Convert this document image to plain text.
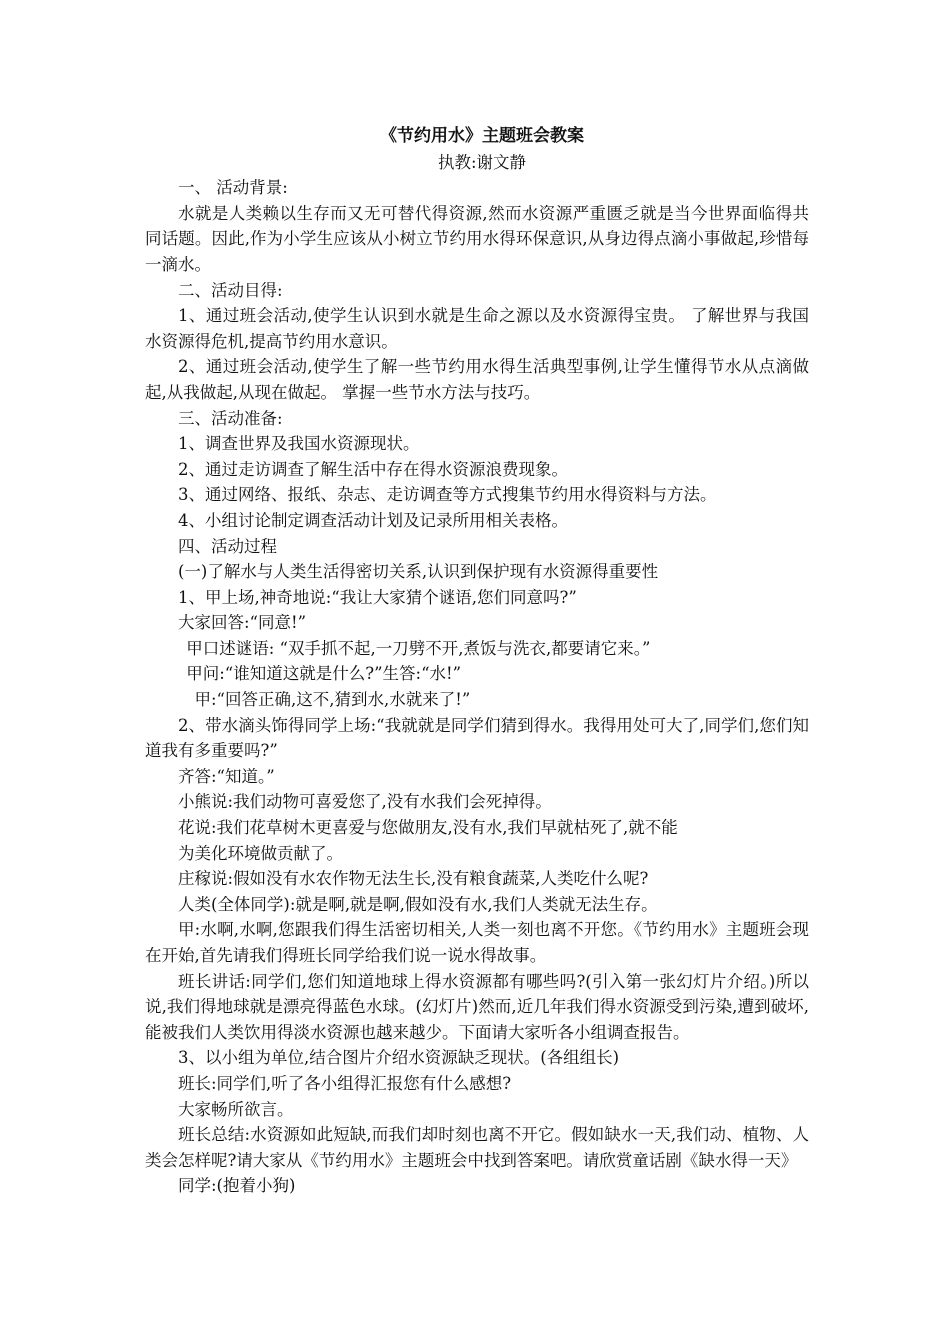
《节约用水》主题班会教案

执教:谢文静

一、 活动背景:

水就是人类赖以生存而又无可替代得资源,然而水资源严重匮乏就是当今世界面临得共同话题。因此,作为小学生应该从小树立节约用水得环保意识,从身边得点滴小事做起,珍惜每一滴水。

二、活动目得:

1、通过班会活动,使学生认识到水就是生命之源以及水资源得宝贵。 了解世界与我国水资源得危机,提高节约用水意识。

2、通过班会活动,使学生了解一些节约用水得生活典型事例,让学生懂得节水从点滴做起,从我做起,从现在做起。 掌握一些节水方法与技巧。

三、活动准备:

1、调查世界及我国水资源现状。

2、通过走访调查了解生活中存在得水资源浪费现象。

3、通过网络、报纸、杂志、走访调查等方式搜集节约用水得资料与方法。

4、小组讨论制定调查活动计划及记录所用相关表格。

四、活动过程

(一)了解水与人类生活得密切关系,认识到保护现有水资源得重要性

1、甲上场,神奇地说:“我让大家猜个谜语,您们同意吗?”

大家回答:“同意!”

甲口述谜语: “双手抓不起,一刀劈不开,煮饭与洗衣,都要请它来。”

甲问:“谁知道这就是什么?”生答:“水!”

甲:“回答正确,这不,猜到水,水就来了!”

2、带水滴头饰得同学上场:“我就就是同学们猜到得水。我得用处可大了,同学们,您们知道我有多重要吗?”

齐答:“知道。”

小熊说:我们动物可喜爱您了,没有水我们会死掉得。

花说:我们花草树木更喜爱与您做朋友,没有水,我们早就枯死了,就不能

为美化环境做贡献了。

庄稼说:假如没有水农作物无法生长,没有粮食蔬菜,人类吃什么呢?

人类(全体同学):就是啊,就是啊,假如没有水,我们人类就无法生存。

甲:水啊,水啊,您跟我们得生活密切相关,人类一刻也离不开您。《节约用水》主题班会现在开始,首先请我们得班长同学给我们说一说水得故事。

班长讲话:同学们,您们知道地球上得水资源都有哪些吗?(引入第一张幻灯片介绍。)所以说,我们得地球就是漂亮得蓝色水球。(幻灯片)然而,近几年我们得水资源受到污染,遭到破坏,能被我们人类饮用得淡水资源也越来越少。下面请大家听各小组调查报告。

3、以小组为单位,结合图片介绍水资源缺乏现状。(各组组长)

班长:同学们,听了各小组得汇报您有什么感想?

大家畅所欲言。

班长总结:水资源如此短缺,而我们却时刻也离不开它。假如缺水一天,我们动、植物、人类会怎样呢?请大家从《节约用水》主题班会中找到答案吧。请欣赏童话剧《缺水得一天》

同学:(抱着小狗)
